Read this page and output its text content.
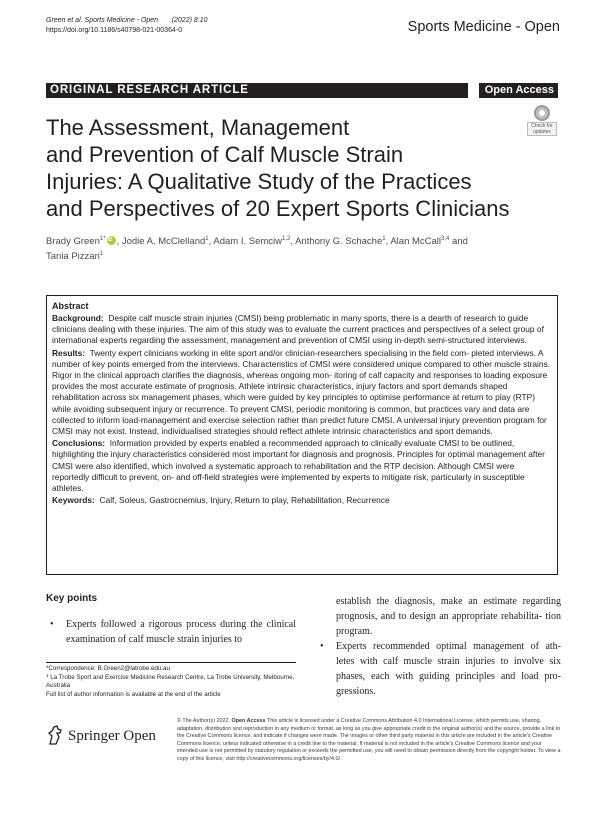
Green et al. Sports Medicine - Open (2022) 8:10
https://doi.org/10.1186/s40798-021-00364-0	Sports Medicine - Open
ORIGINAL RESEARCH ARTICLE	Open Access
Check for updates
The Assessment, Management
and Prevention of Calf Muscle Strain
Injuries: A Qualitative Study of the Practices
and Perspectives of 20 Expert Sports Clinicians
Brady Green$^{1*}$iD , Jodie A. McClelland$^1$, Adam I. Semciw$^{1,2}$, Anthony G. Schache$^1$, Alan McCall$^{3,4}$ and
Tania Pizzari$^1$
Abstract

Background: Despite calf muscle strain injuries (CMSI) being problematic in many sports, there is a dearth of research to guide clinicians dealing with these injuries. The aim of this study was to evaluate the current practices and perspectives of a select group of international experts regarding the assessment, management and prevention of CMSI using in-depth semi-structured interviews.

Results: Twenty expert clinicians working in elite sport and/or clinician-researchers specialising in the field com- pleted interviews. A number of key points emerged from the interviews. Characteristics of CMSI were considered unique compared to other muscle strains. Rigor in the clinical approach clarifies the diagnosis, whereas ongoing mon- itoring of calf capacity and responses to loading exposure provides the most accurate estimate of prognosis. Athlete intrinsic characteristics, injury factors and sport demands shaped rehabilitation across six management phases, which were guided by key principles to optimise performance at return to play (RTP) while avoiding subsequent injury or recurrence. To prevent CMSI, periodic monitoring is common, but practices vary and data are collected to inform load-management and exercise selection rather than predict future CMSI. A universal injury prevention program for CMSI may not exist. Instead, individualised strategies should reflect athlete intrinsic characteristics and sport demands.

Conclusions: Information provided by experts enabled a recommended approach to clinically evaluate CMSI to be outlined, highlighting the injury characteristics considered most important for diagnosis and prognosis. Principles for optimal management after CMSI were also identified, which involved a systematic approach to rehabilitation and the RTP decision. Although CMSI were reportedly difficult to prevent, on- and off-field strategies were implemented by experts to mitigate risk, particularly in susceptible athletes.

Keywords: Calf, Soleus, Gastrocnemius, Injury, Return to play, Rehabilitation, Recurrence

Key points
• Experts followed a rigorous process during the clinical examination of calf muscle strain injuries to
establish the diagnosis, make an estimate regarding prognosis, and to design an appropriate rehabilita- tion program.
• Experts recommended optimal management of ath- letes with calf muscle strain injuries to involve six phases, each with guiding principles and load pro- gressions.
*Correspondence: B.Green2@latrobe.edu.au
$^1$ La Trobe Sport and Exercise Medicine Research Centre, La Trobe University, Melbourne, Australia
Full list of author information is available at the end of the article
Springer Open
© The Author(s) 2022. Open Access This article is licensed under a Creative Commons Attribution 4.0 International License, which permits use, sharing, adaptation, distribution and reproduction in any medium or format, as long as you give appropriate credit to the original author(s) and the source, provide a link to the Creative Commons licence, and indicate if changes were made. The images or other third party material in this article are included in the article's Creative Commons licence, unless indicated otherwise in a credit line to the material. If material is not included in the article's Creative Commons licence and your intended use is not permitted by statutory regulation or exceeds the permitted use, you will need to obtain permission directly from the copyright holder. To view a copy of this licence, visit http://creativecommons.org/licenses/by/4.0/.
